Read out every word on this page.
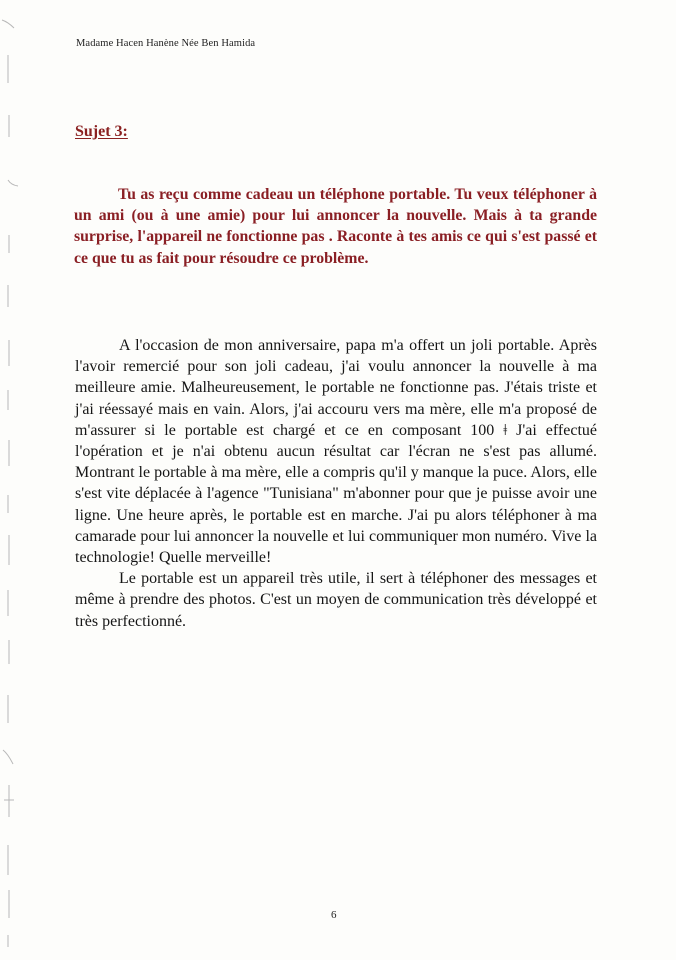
Madame Hacen Hanène Née Ben Hamida
Sujet 3:

Tu as reçu comme cadeau un téléphone portable. Tu veux téléphoner à un ami (ou à une amie) pour lui annoncer la nouvelle. Mais à ta grande surprise, l'appareil ne fonctionne pas . Raconte à tes amis ce qui s'est passé et ce que tu as fait pour résoudre ce problème.

A l'occasion de mon anniversaire, papa m'a offert un joli portable. Après l'avoir remercié pour son joli cadeau, j'ai voulu annoncer la nouvelle à ma meilleure amie. Malheureusement, le portable ne fonctionne pas. J'étais triste et j'ai réessayé mais en vain. Alors, j'ai accouru vers ma mère, elle m'a proposé de m'assurer si le portable est chargé et ce en composant 100 ǂ J'ai effectué l'opération et je n'ai obtenu aucun résultat car l'écran ne s'est pas allumé. Montrant le portable à ma mère, elle a compris qu'il y manque la puce. Alors, elle s'est vite déplacée à l'agence "Tunisiana" m'abonner pour que je puisse avoir une ligne. Une heure après, le portable est en marche. J'ai pu alors téléphoner à ma camarade pour lui annoncer la nouvelle et lui communiquer mon numéro. Vive la technologie! Quelle merveille!

Le portable est un appareil très utile, il sert à téléphoner des messages et même à prendre des photos. C'est un moyen de communication très développé et très perfectionné.

6
